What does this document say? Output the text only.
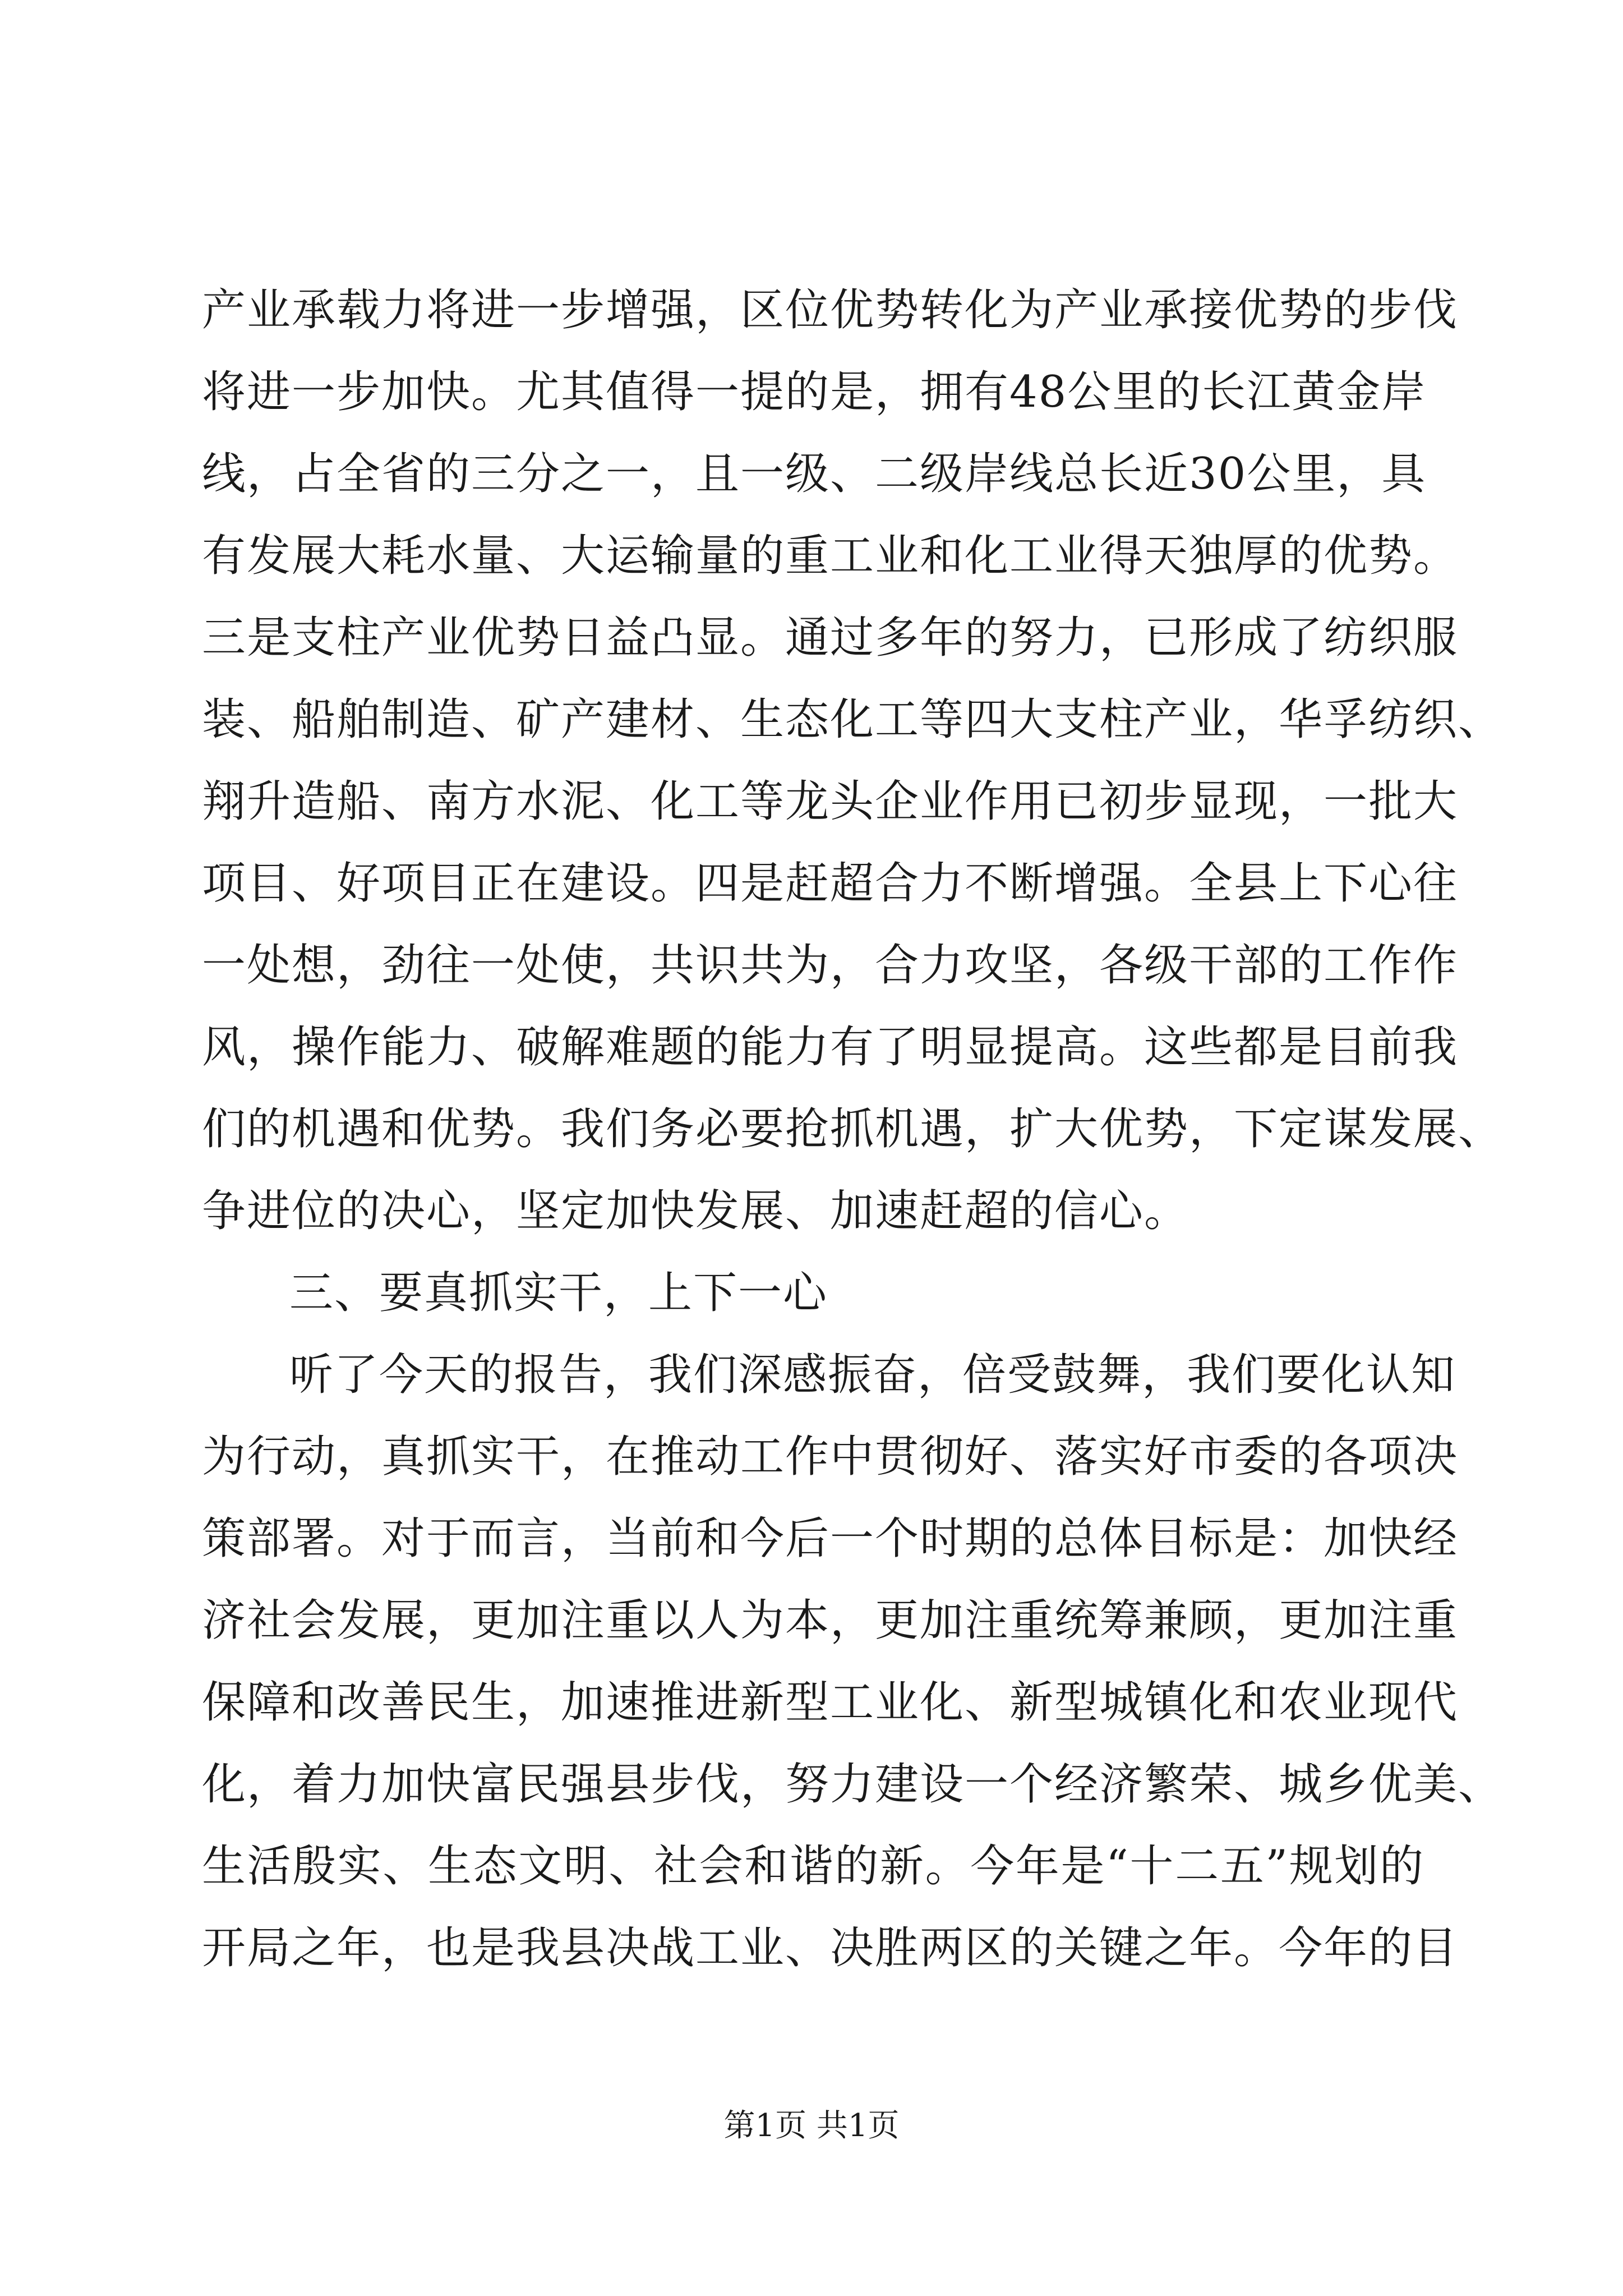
产业承载力将进一步增强，区位优势转化为产业承接优势的步伐
将进一步加快。尤其值得一提的是，拥有48公里的长江黄金岸
线，占全省的三分之一，且一级、二级岸线总长近30公里，具
有发展大耗水量、大运输量的重工业和化工业得天独厚的优势。
三是支柱产业优势日益凸显。通过多年的努力，已形成了纺织服
装、船舶制造、矿产建材、生态化工等四大支柱产业，华孚纺织、
翔升造船、南方水泥、化工等龙头企业作用已初步显现，一批大
项目、好项目正在建设。四是赶超合力不断增强。全县上下心往
一处想，劲往一处使，共识共为，合力攻坚，各级干部的工作作
风，操作能力、破解难题的能力有了明显提高。这些都是目前我
们的机遇和优势。我们务必要抢抓机遇，扩大优势，下定谋发展、
争进位的决心，坚定加快发展、加速赶超的信心。
三、要真抓实干，上下一心
听了今天的报告，我们深感振奋，倍受鼓舞，我们要化认知
为行动，真抓实干，在推动工作中贯彻好、落实好市委的各项决
策部署。对于而言，当前和今后一个时期的总体目标是：加快经
济社会发展，更加注重以人为本，更加注重统筹兼顾，更加注重
保障和改善民生，加速推进新型工业化、新型城镇化和农业现代
化，着力加快富民强县步伐，努力建设一个经济繁荣、城乡优美、
生活殷实、生态文明、社会和谐的新。今年是“十二五”规划的
开局之年，也是我县决战工业、决胜两区的关键之年。今年的目
第1页 共1页
